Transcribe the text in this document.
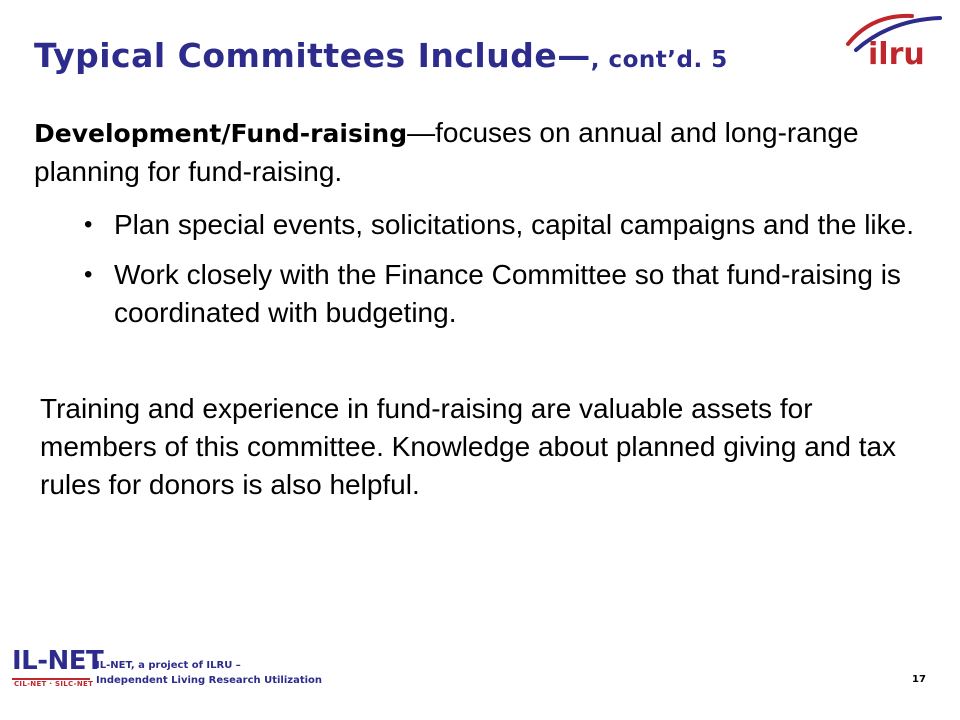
Typical Committees Include—, cont’d. 5	ilru

Development/Fund-raising—focuses on annual and long-range planning for fund-raising.

• Plan special events, solicitations, capital campaigns and the like.
• Work closely with the Finance Committee so that fund-raising is coordinated with budgeting.

Training and experience in fund-raising are valuable assets for members of this committee. Knowledge about planned giving and tax rules for donors is also helpful.

IL-NET
CIL-NET · SILC-NET
IL-NET, a project of ILRU –
Independent Living Research Utilization	17
